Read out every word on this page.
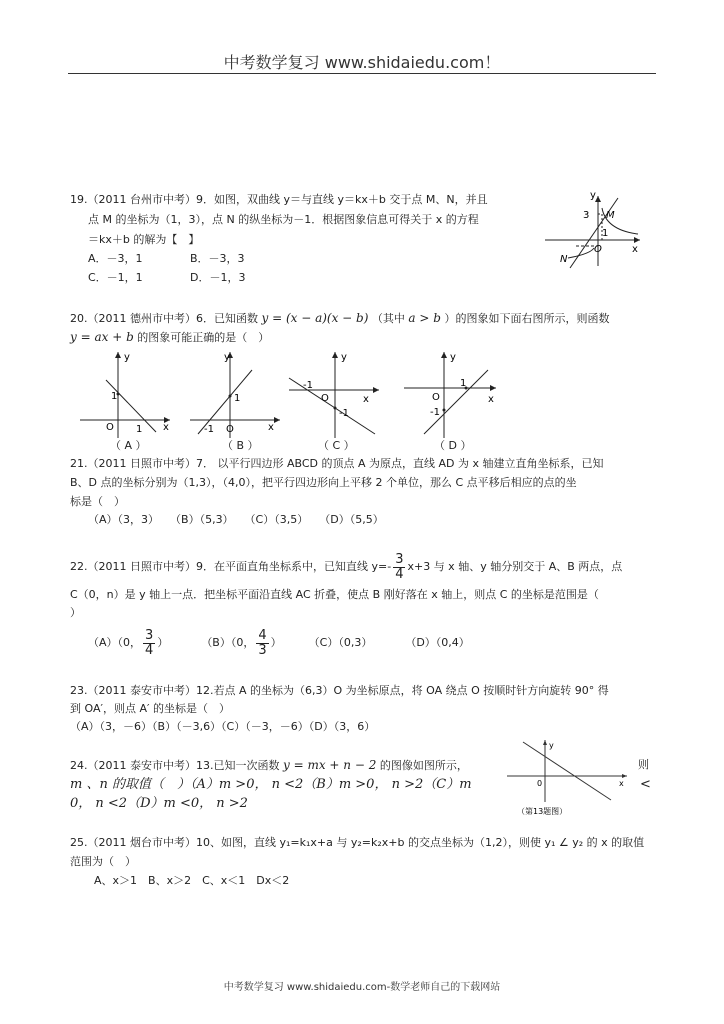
中考数学复习 www.shidaiedu.com！
19.（2011 台州市中考）9．如图，双曲线 y＝与直线 y＝kx＋b 交于点 M、N，并且
点 M 的坐标为（1，3），点 N 的纵坐标为－1．根据图象信息可得关于 x 的方程
＝kx＋b 的解为【　】
A．－3，1	B．－3，3
C．－1，1	D．－1，3
y
x
3 M
1
O
N
20.（2011 德州市中考）6．已知函数 y = (x − a)(x − b) （其中 a > b ）的图象如下面右图所示，则函数
y = ax + b 的图象可能正确的是（　）
y
x
O
1
1
（ A ）
y
x
O
1
-1
（ B ）
y
x
O
-1
-1
（ C ）
y
x
O
1
-1
（ D ）
21.（2011 日照市中考）7． 以平行四边形 ABCD 的顶点 A 为原点，直线 AD 为 x 轴建立直角坐标系，已知
B、D 点的坐标分别为（1,3），（4,0），把平行四边形向上平移 2 个单位，那么 C 点平移后相应的点的坐
标是（　）
（A）（3，3）　　（B）（5,3）　　（C）（3,5）　　（D）（5,5）
22.（2011 日照市中考）9．在平面直角坐标系中，已知直线 $y=- \frac{3}{4} x+3$ 与 x 轴、y 轴分别交于 A、B 两点，点
C（0，n）是 y 轴上一点．把坐标平面沿直线 AC 折叠，使点 B 刚好落在 x 轴上，则点 C 的坐标是范围是（
）
（A）（0， $\frac{3}{4}$ ）	（B）（0， $\frac{4}{3}$ ） （C）（0,3）	（D）（0,4）
23.（2011 泰安市中考）12.若点 A 的坐标为（6,3）O 为坐标原点，将 OA 绕点 O 按顺时针方向旋转 90° 得
到 OA′，则点 A′ 的坐标是（　）
（A）（3，－6）（B）（－3,6）（C）（－3，－6）（D）（3，6）
24.（2011 泰安市中考）13.已知一次函数 y = mx + n − 2 的图像如图所示，	则
m 、n 的取值（　）（A）m >0， n <2（B）m >0， n >2（C）m	<
0， n <2（D）m <0， n >2
y
x
0
（第13题图）
25.（2011 烟台市中考）10、如图，直线 y₁=k₁x+a 与 y₂=k₂x+b 的交点坐标为（1,2），则使 y₁ ∠ y₂ 的 x 的取值
范围为（　）
A、x＞1　B、x＞2　C、x＜1　Dx＜2
中考数学复习 www.shidaiedu.com-数学老师自己的下载网站
